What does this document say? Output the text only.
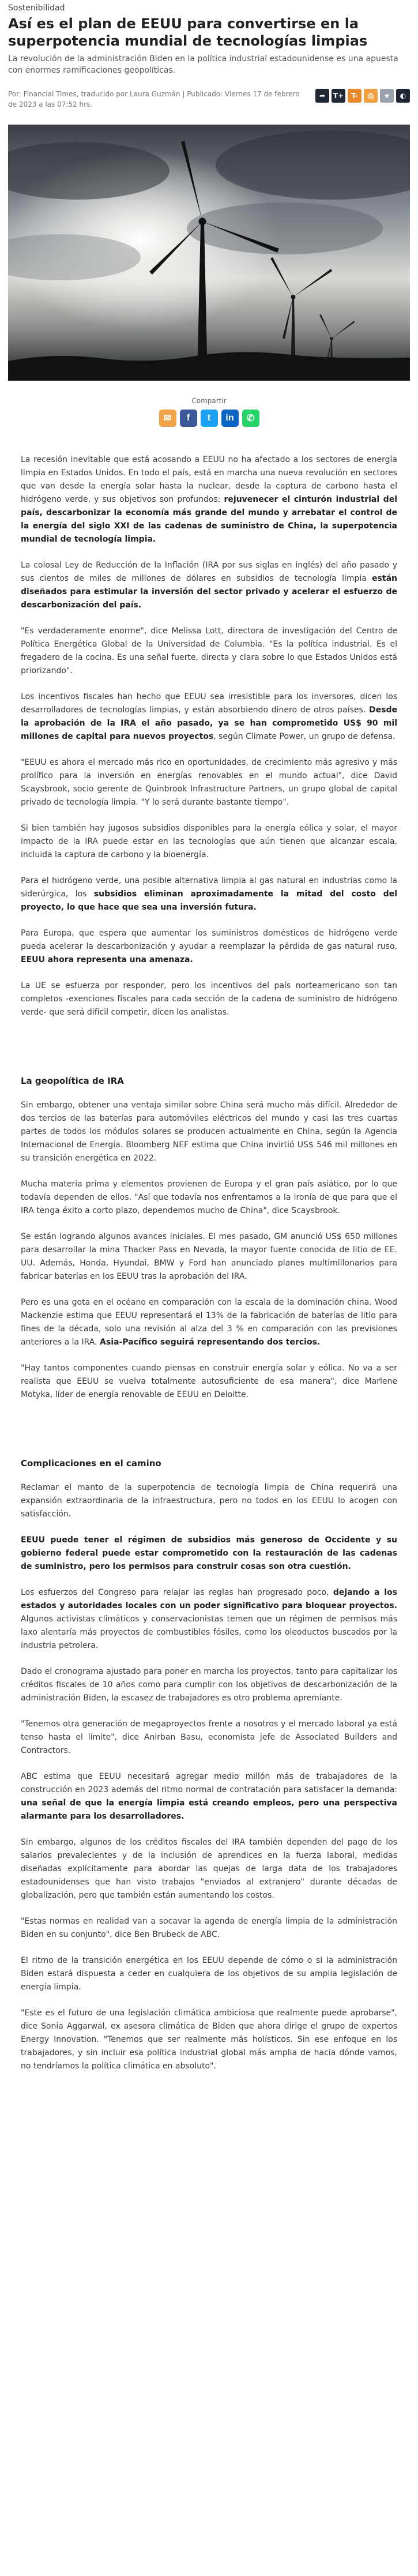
Sostenibilidad
Así es el plan de EEUU para convertirse en la superpotencia mundial de tecnologías limpias
La revolución de la administración Biden en la política industrial estadounidense es una apuesta con enormes ramificaciones geopolíticas.
Por: Financial Times, traducido por Laura Guzmán | Publicado: Viernes 17 de febrero de 2023 a las 07:52 hrs.
➦	T+	T-	⎙	★	◐
Compartir
✉	f	t	in	✆

La recesión inevitable que está acosando a EEUU no ha afectado a los sectores de energía limpia en Estados Unidos. En todo el país, está en marcha una nueva revolución en sectores que van desde la energía solar hasta la nuclear, desde la captura de carbono hasta el hidrógeno verde, y sus objetivos son profundos: rejuvenecer el cinturón industrial del país, descarbonizar la economía más grande del mundo y arrebatar el control de la energía del siglo XXI de las cadenas de suministro de China, la superpotencia mundial de tecnología limpia.

La colosal Ley de Reducción de la Inflación (IRA por sus siglas en inglés) del año pasado y sus cientos de miles de millones de dólares en subsidios de tecnología limpia están diseñados para estimular la inversión del sector privado y acelerar el esfuerzo de descarbonización del país.

"Es verdaderamente enorme", dice Melissa Lott, directora de investigación del Centro de Política Energética Global de la Universidad de Columbia. "Es la política industrial. Es el fregadero de la cocina. Es una señal fuerte, directa y clara sobre lo que Estados Unidos está priorizando".

Los incentivos fiscales han hecho que EEUU sea irresistible para los inversores, dicen los desarrolladores de tecnologías limpias, y están absorbiendo dinero de otros países. Desde la aprobación de la IRA el año pasado, ya se han comprometido US$ 90 mil millones de capital para nuevos proyectos, según Climate Power, un grupo de defensa.

"EEUU es ahora el mercado más rico en oportunidades, de crecimiento más agresivo y más prolífico para la inversión en energías renovables en el mundo actual", dice David Scaysbrook, socio gerente de Quinbrook Infrastructure Partners, un grupo global de capital privado de tecnología limpia. "Y lo será durante bastante tiempo".

Si bien también hay jugosos subsidios disponibles para la energía eólica y solar, el mayor impacto de la IRA puede estar en las tecnologías que aún tienen que alcanzar escala, incluida la captura de carbono y la bioenergía.

Para el hidrógeno verde, una posible alternativa limpia al gas natural en industrias como la siderúrgica, los subsidios eliminan aproximadamente la mitad del costo del proyecto, lo que hace que sea una inversión futura.

Para Europa, que espera que aumentar los suministros domésticos de hidrógeno verde pueda acelerar la descarbonización y ayudar a reemplazar la pérdida de gas natural ruso, EEUU ahora representa una amenaza.

La UE se esfuerza por responder, pero los incentivos del país norteamericano son tan completos -exenciones fiscales para cada sección de la cadena de suministro de hidrógeno verde- que será difícil competir, dicen los analistas.

La geopolítica de IRA

Sin embargo, obtener una ventaja similar sobre China será mucho más difícil. Alrededor de dos tercios de las baterías para automóviles eléctricos del mundo y casi las tres cuartas partes de todos los módulos solares se producen actualmente en China, según la Agencia Internacional de Energía. Bloomberg NEF estima que China invirtió US$ 546 mil millones en su transición energética en 2022.

Mucha materia prima y elementos provienen de Europa y el gran país asiático, por lo que todavía dependen de ellos. "Así que todavía nos enfrentamos a la ironía de que para que el IRA tenga éxito a corto plazo, dependemos mucho de China", dice Scaysbrook.

Se están logrando algunos avances iniciales. El mes pasado, GM anunció US$ 650 millones para desarrollar la mina Thacker Pass en Nevada, la mayor fuente conocida de litio de EE. UU. Además, Honda, Hyundai, BMW y Ford han anunciado planes multimillonarios para fabricar baterías en los EEUU tras la aprobación del IRA.

Pero es una gota en el océano en comparación con la escala de la dominación china. Wood Mackenzie estima que EEUU representará el 13% de la fabricación de baterías de litio para fines de la década, solo una revisión al alza del 3 % en comparación con las previsiones anteriores a la IRA. Asia-Pacífico seguirá representando dos tercios.

"Hay tantos componentes cuando piensas en construir energía solar y eólica. No va a ser realista que EEUU se vuelva totalmente autosuficiente de esa manera", dice Marlene Motyka, líder de energía renovable de EEUU en Deloitte.

Complicaciones en el camino

Reclamar el manto de la superpotencia de tecnología limpia de China requerirá una expansión extraordinaria de la infraestructura, pero no todos en los EEUU lo acogen con satisfacción.

EEUU puede tener el régimen de subsidios más generoso de Occidente y su gobierno federal puede estar comprometido con la restauración de las cadenas de suministro, pero los permisos para construir cosas son otra cuestión.

Los esfuerzos del Congreso para relajar las reglas han progresado poco, dejando a los estados y autoridades locales con un poder significativo para bloquear proyectos. Algunos activistas climáticos y conservacionistas temen que un régimen de permisos más laxo alentaría más proyectos de combustibles fósiles, como los oleoductos buscados por la industria petrolera.

Dado el cronograma ajustado para poner en marcha los proyectos, tanto para capitalizar los créditos fiscales de 10 años como para cumplir con los objetivos de descarbonización de la administración Biden, la escasez de trabajadores es otro problema apremiante.

"Tenemos otra generación de megaproyectos frente a nosotros y el mercado laboral ya está tenso hasta el límite", dice Anirban Basu, economista jefe de Associated Builders and Contractors.

ABC estima que EEUU necesitará agregar medio millón más de trabajadores de la construcción en 2023 además del ritmo normal de contratación para satisfacer la demanda: una señal de que la energía limpia está creando empleos, pero una perspectiva alarmante para los desarrolladores.

Sin embargo, algunos de los créditos fiscales del IRA también dependen del pago de los salarios prevalecientes y de la inclusión de aprendices en la fuerza laboral, medidas diseñadas explícitamente para abordar las quejas de larga data de los trabajadores estadounidenses que han visto trabajos "enviados al extranjero" durante décadas de globalización, pero que también están aumentando los costos.

"Estas normas en realidad van a socavar la agenda de energía limpia de la administración Biden en su conjunto", dice Ben Brubeck de ABC.

El ritmo de la transición energética en los EEUU depende de cómo o si la administración Biden estará dispuesta a ceder en cualquiera de los objetivos de su amplia legislación de energía limpia.

"Este es el futuro de una legislación climática ambiciosa que realmente puede aprobarse", dice Sonia Aggarwal, ex asesora climática de Biden que ahora dirige el grupo de expertos Energy Innovation. "Tenemos que ser realmente más holísticos. Sin ese enfoque en los trabajadores, y sin incluir esa política industrial global más amplia de hacia dónde vamos, no tendríamos la política climática en absoluto".
